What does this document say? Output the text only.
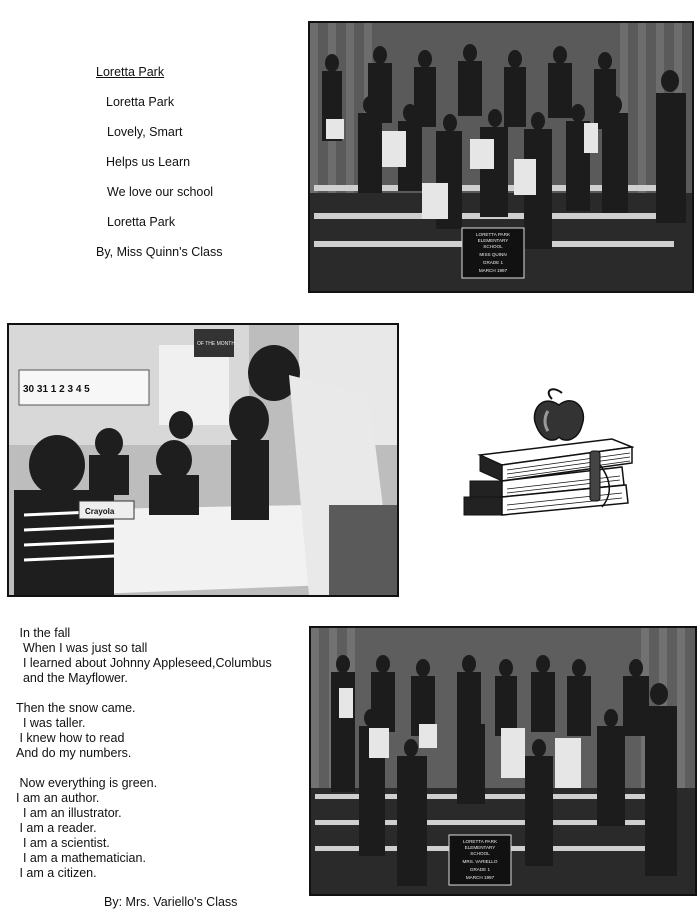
Loretta Park
Loretta Park
Lovely, Smart
Helps us Learn
We love our school
Loretta Park
By, Miss Quinn's Class
LORETTA PARK
ELEMENTARY
SCHOOL
MISS QUINN
GRADE 1
MARCH 1997
30 31 1 2 3 4 5
OF THE MONTH
Crayola
In the fall
When I was just so tall
I learned about Johnny Appleseed,Columbus
and the Mayflower.
Then the snow came.
I was taller.
I knew how to read
And do my numbers.
Now everything is green.
I am an author.
I am an illustrator.
I am a reader.
I am a scientist.
I am a mathematician.
I am a citizen.
By: Mrs. Variello's Class
LORETTA PARK
ELEMENTARY
SCHOOL
MRS. VARIELLO
GRADE 1
MARCH 1997
